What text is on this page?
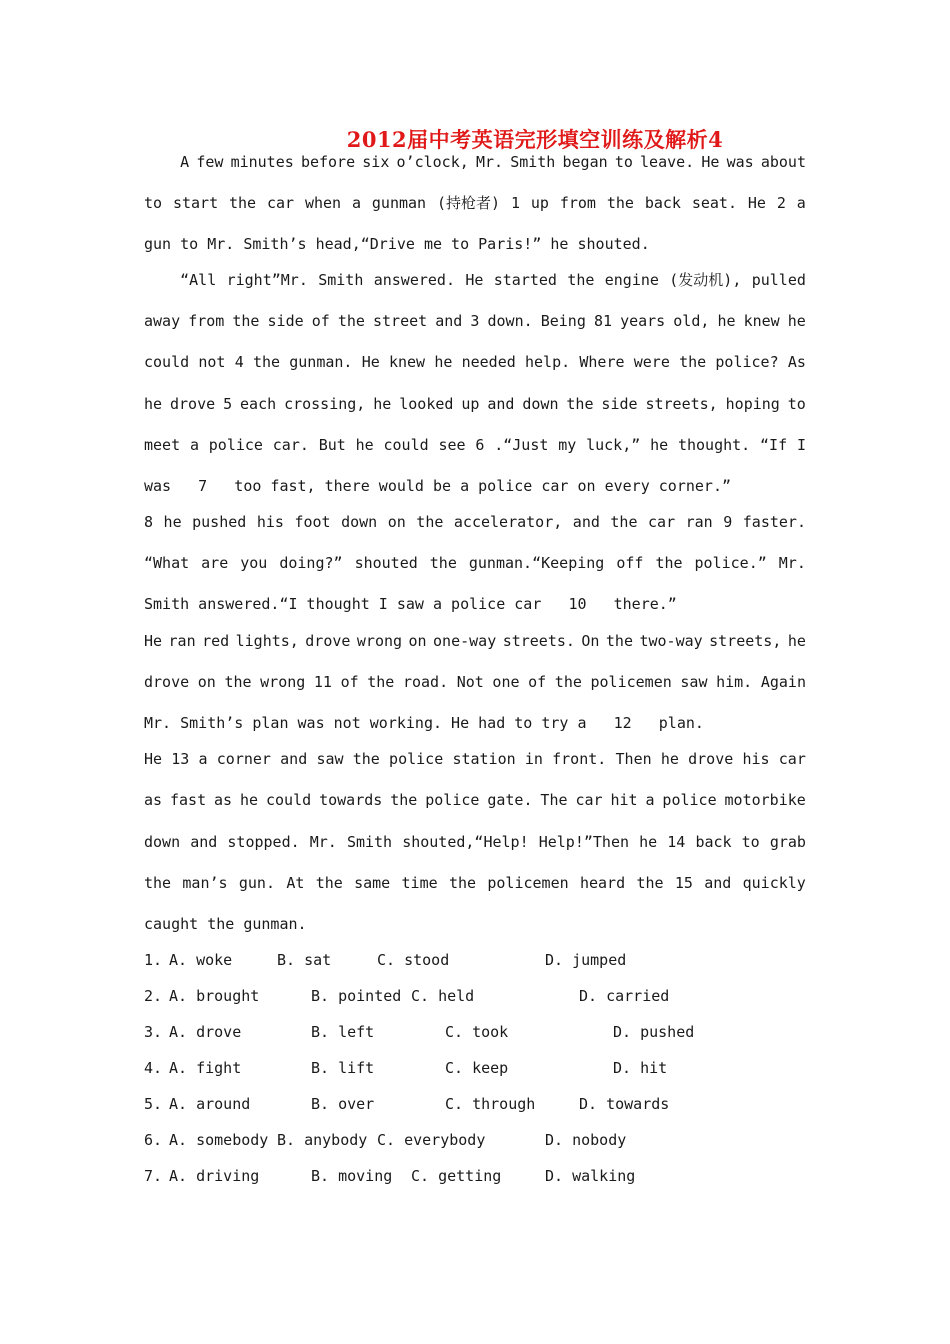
2012届中考英语完形填空训练及解析4
A few minutes before six o’clock, Mr. Smith began to leave. He was about
to start the car when a gunman (持枪者) 1 up from the back seat. He 2 a
gun to Mr. Smith’s head,“Drive me to Paris!” he shouted.
“All right”Mr. Smith answered. He started the engine (发动机), pulled
away from the side of the street and 3 down. Being 81 years old, he knew he
could not 4 the gunman. He knew he needed help. Where were the police? As
he drove 5 each crossing, he looked up and down the side streets, hoping to
meet a police car. But he could see 6 .“Just my luck,” he thought. “If I
was   7   too fast, there would be a police car on every corner.”
8 he pushed his foot down on the accelerator, and the car ran 9 faster.
“What are you doing?” shouted the gunman.“Keeping off the police.” Mr.
Smith answered.“I thought I saw a police car   10   there.”
He ran red lights, drove wrong on one-way streets. On the two-way streets, he
drove on the wrong 11 of the road. Not one of the policemen saw him. Again
Mr. Smith’s plan was not working. He had to try a   12   plan.
He 13 a corner and saw the police station in front. Then he drove his car
as fast as he could towards the police gate. The car hit a police motorbike
down and stopped. Mr. Smith shouted,“Help! Help!”Then he 14 back to grab
the man’s gun. At the same time the policemen heard the 15 and quickly
caught the gunman.

1.

A. woke

	B. sat

	C. stood

	D. jumped

2.

A. brought

	B. pointed

C. held

	D. carried

3.

A. drove

	B. left

	C. took

	D. pushed

4.

A. fight

	B. lift

	C. keep

	D. hit

5.

A. around

	B. over

	C. through

	D. towards

6.

A. somebody

B. anybody

C. everybody

	D. nobody

7.

A. driving

	B. moving

C. getting

	D. walking
